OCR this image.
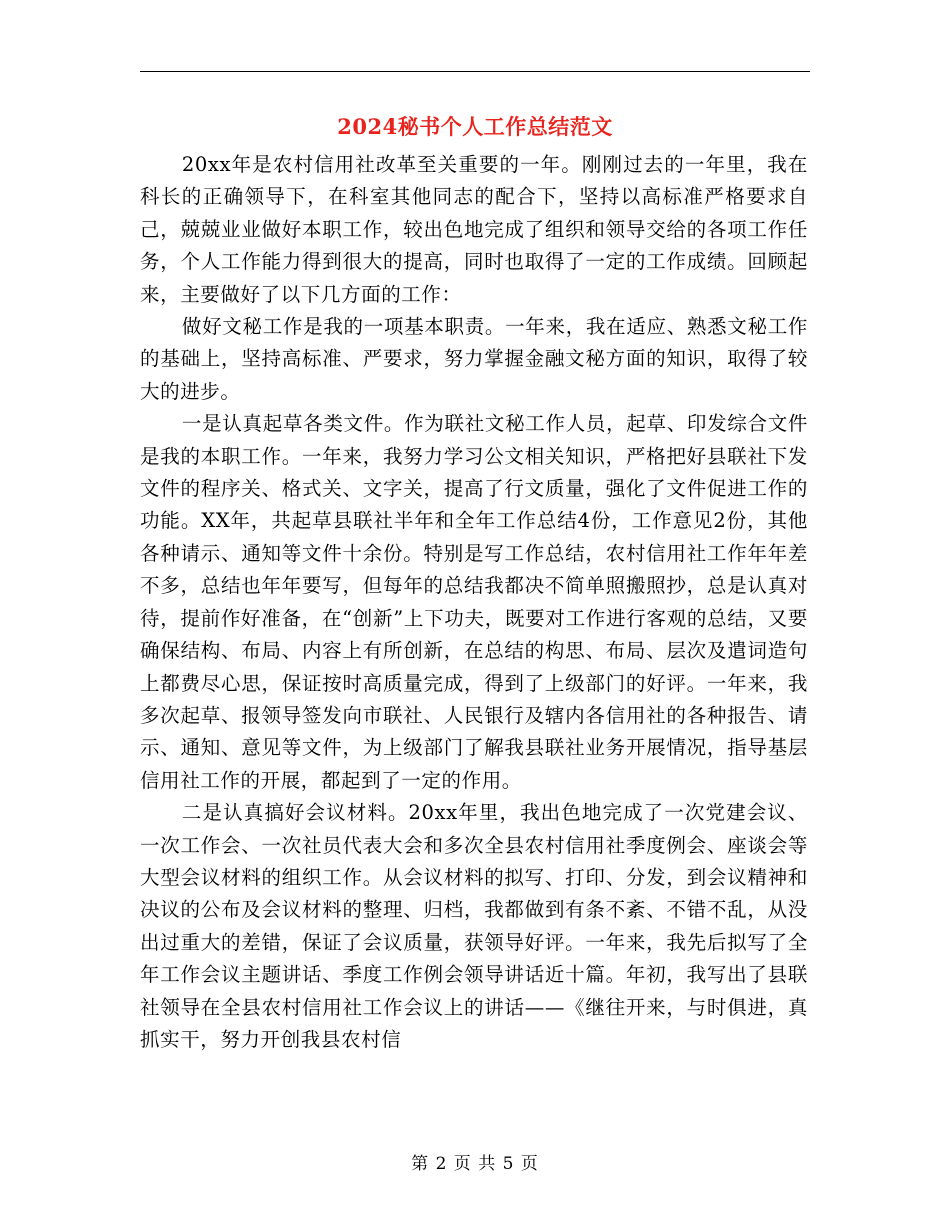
2024秘书个人工作总结范文

20xx年是农村信用社改革至关重要的一年。刚刚过去的一年里，我在科长的正确领导下，在科室其他同志的配合下，坚持以高标准严格要求自己，兢兢业业做好本职工作，较出色地完成了组织和领导交给的各项工作任务，个人工作能力得到很大的提高，同时也取得了一定的工作成绩。回顾起来，主要做好了以下几方面的工作：

做好文秘工作是我的一项基本职责。一年来，我在适应、熟悉文秘工作的基础上，坚持高标准、严要求，努力掌握金融文秘方面的知识，取得了较大的进步。

一是认真起草各类文件。作为联社文秘工作人员，起草、印发综合文件是我的本职工作。一年来，我努力学习公文相关知识，严格把好县联社下发文件的程序关、格式关、文字关，提高了行文质量，强化了文件促进工作的功能。XX年，共起草县联社半年和全年工作总结4份，工作意见2份，其他各种请示、通知等文件十余份。特别是写工作总结，农村信用社工作年年差不多，总结也年年要写，但每年的总结我都决不简单照搬照抄，总是认真对待，提前作好准备，在“创新”上下功夫，既要对工作进行客观的总结，又要确保结构、布局、内容上有所创新，在总结的构思、布局、层次及遣词造句上都费尽心思，保证按时高质量完成，得到了上级部门的好评。一年来，我多次起草、报领导签发向市联社、人民银行及辖内各信用社的各种报告、请示、通知、意见等文件，为上级部门了解我县联社业务开展情况，指导基层信用社工作的开展，都起到了一定的作用。

二是认真搞好会议材料。20xx年里，我出色地完成了一次党建会议、一次工作会、一次社员代表大会和多次全县农村信用社季度例会、座谈会等大型会议材料的组织工作。从会议材料的拟写、打印、分发，到会议精神和决议的公布及会议材料的整理、归档，我都做到有条不紊、不错不乱，从没出过重大的差错，保证了会议质量，获领导好评。一年来，我先后拟写了全年工作会议主题讲话、季度工作例会领导讲话近十篇。年初，我写出了县联社领导在全县农村信用社工作会议上的讲话——《继往开来，与时俱进，真抓实干，努力开创我县农村信

第 2 页 共 5 页
